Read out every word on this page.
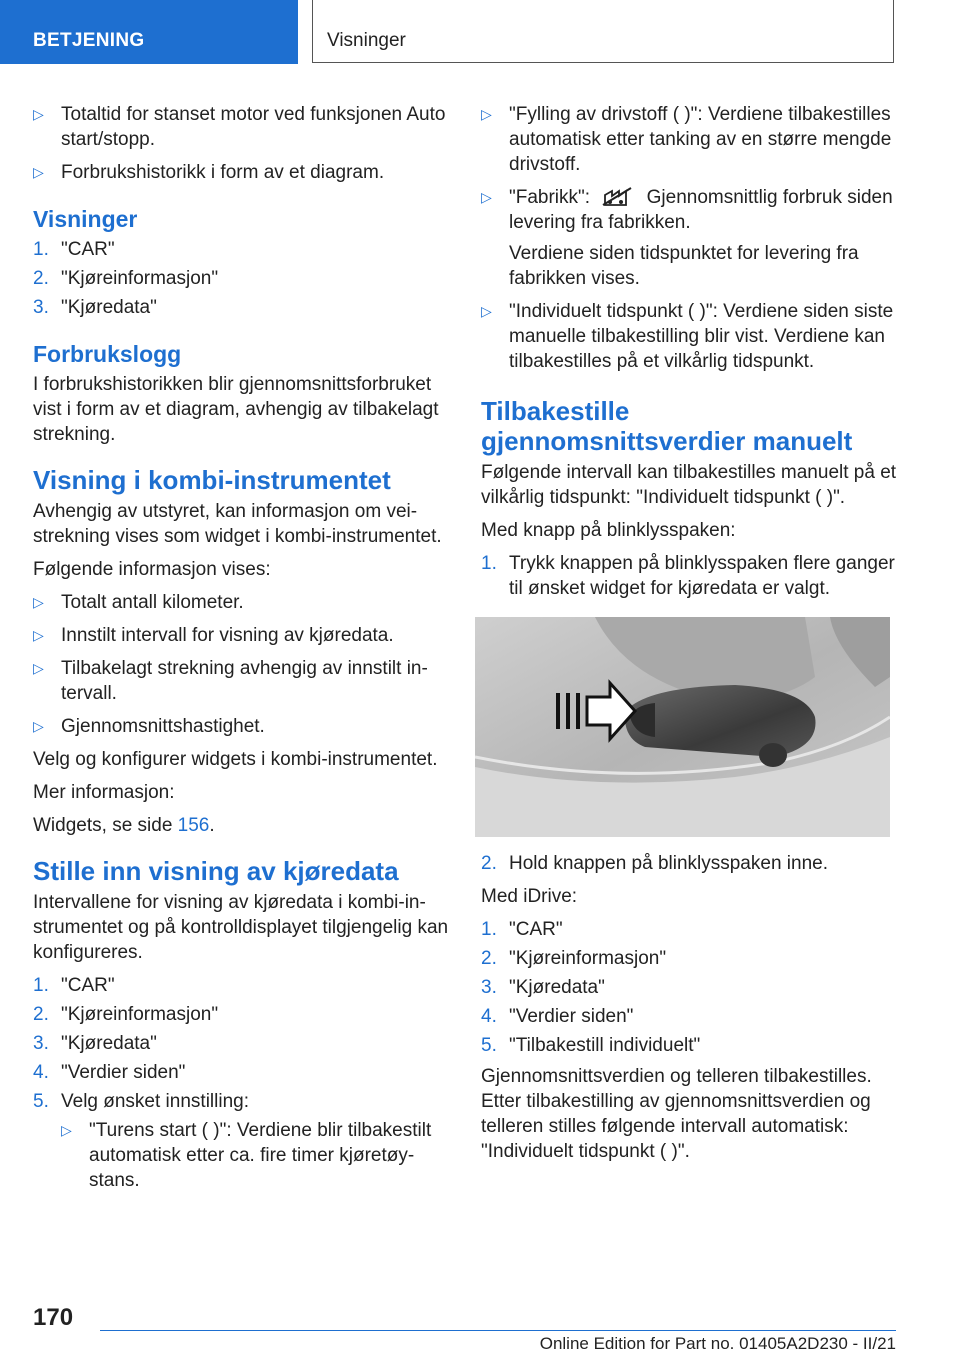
BETJENING	Visninger
▷ Totaltid for stanset motor ved funksjonen Auto start/stopp.
▷ Forbrukshistorikk i form av et diagram.
Visninger
1. "CAR"
2. "Kjøreinformasjon"
3. "Kjøredata"
Forbrukslogg

I forbrukshistorikken blir gjennomsnittsforbruket vist i form av et diagram, avhengig av tilbakelagt strekning.

Visning i kombi-instrumentet

Avhengig av utstyret, kan informasjon om veistrekning vises som widget i kombi-instrumentet.

Følgende informasjon vises:

▷ Totalt antall kilometer.
▷ Innstilt intervall for visning av kjøredata.
▷ Tilbakelagt strekning avhengig av innstilt intervall.
▷ Gjennomsnittshastighet.

Velg og konfigurer widgets i kombi-instrumentet.

Mer informasjon:

Widgets, se side 156.

Stille inn visning av kjøredata

Intervallene for visning av kjøredata i kombi-instrumentet og på kontrolldisplayet tilgjengelig kan konfigureres.

1. "CAR"
2. "Kjøreinformasjon"
3. "Kjøredata"
4. "Verdier siden"
5. Velg ønsket innstilling:
▷ "Turens start ( )": Verdiene blir tilbakestilt automatisk etter ca. fire timer kjøretøystans.
▷ "Fylling av drivstoff ( )": Verdiene tilbakestilles automatisk etter tanking av en større mengde drivstoff.
▷ "Fabrikk":	Gjennomsnittlig forbruk siden levering fra fabrikken.

Verdiene siden tidspunktet for levering fra fabrikken vises.

▷ "Individuelt tidspunkt ( )": Verdiene siden siste manuelle tilbakestilling blir vist. Verdiene kan tilbakestilles på et vilkårlig tidspunkt.
Tilbakestille gjennomsnittsverdier manuelt

Følgende intervall kan tilbakestilles manuelt på et vilkårlig tidspunkt: "Individuelt tidspunkt ( )".

Med knapp på blinklysspaken:

1. Trykk knappen på blinklysspaken flere ganger til ønsket widget for kjøredata er valgt.
2. Hold knappen på blinklysspaken inne.

Med iDrive:

1. "CAR"
2. "Kjøreinformasjon"
3. "Kjøredata"
4. "Verdier siden"
5. "Tilbakestill individuelt"

Gjennomsnittsverdien og telleren tilbakestilles. Etter tilbakestilling av gjennomsnittsverdien og telleren stilles følgende intervall automatisk: "Individuelt tidspunkt ( )".

170
Online Edition for Part no. 01405A2D230 - II/21
